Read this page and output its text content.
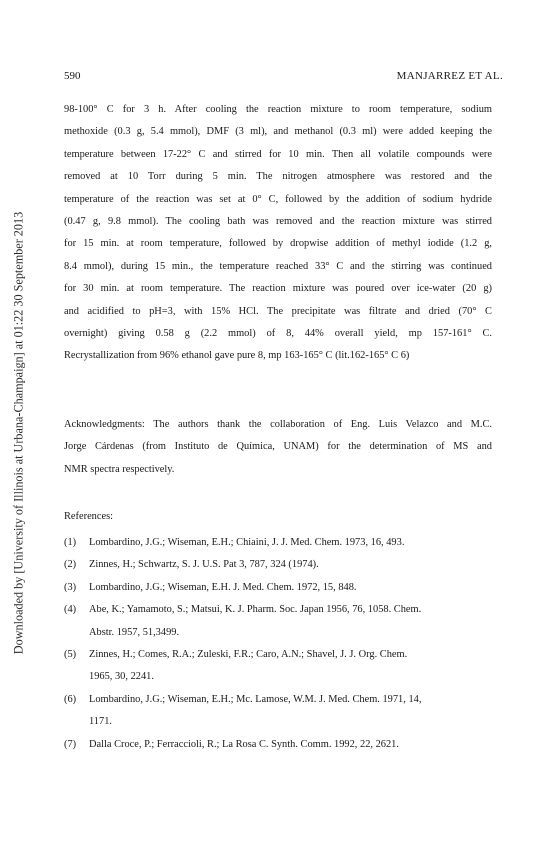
Downloaded by [University of Illinois at Urbana-Champaign] at 01:22 30 September 2013
590	MANJARREZ ET AL.
98-100° C for 3 h. After cooling the reaction mixture to room temperature, sodium
methoxide (0.3 g, 5.4 mmol), DMF (3 ml), and methanol (0.3 ml) were added keeping the
temperature between 17-22° C and stirred for 10 min. Then all volatile compounds were
removed at 10 Torr during 5 min. The nitrogen atmosphere was restored and the
temperature of the reaction was set at 0° C, followed by the addition of sodium hydride
(0.47 g, 9.8 mmol). The cooling bath was removed and the reaction mixture was stirred
for 15 min. at room temperature, followed by dropwise addition of methyl iodide (1.2 g,
8.4 mmol), during 15 min., the temperature reached 33° C and the stirring was continued
for 30 min. at room temperature. The reaction mixture was poured over ice-water (20 g)
and acidified to pH=3, with 15% HCl. The precipitate was filtrate and dried (70° C
overnight) giving 0.58 g (2.2 mmol) of 8, 44% overall yield, mp 157-161° C.
Recrystallization from 96% ethanol gave pure 8, mp 163-165° C (lit.162-165° C 6)
Acknowledgments: The authors thank the collaboration of Eng. Luis Velazco and M.C.
Jorge Cárdenas (from Instituto de Química, UNAM) for the determination of MS and
NMR spectra respectively.
References:
(1) Lombardino, J.G.; Wiseman, E.H.; Chiaini, J. J. Med. Chem. 1973, 16, 493.
(2) Zinnes, H.; Schwartz, S. J. U.S. Pat 3, 787, 324 (1974).
(3) Lombardino, J.G.; Wiseman, E.H. J. Med. Chem. 1972, 15, 848.
(4) Abe, K.; Yamamoto, S.; Matsui, K. J. Pharm. Soc. Japan 1956, 76, 1058. Chem.
Abstr. 1957, 51,3499.
(5) Zinnes, H.; Comes, R.A.; Zuleski, F.R.; Caro, A.N.; Shavel, J. J. Org. Chem.
1965, 30, 2241.
(6) Lombardino, J.G.; Wiseman, E.H.; Mc. Lamose, W.M. J. Med. Chem. 1971, 14,
1171.
(7) Dalla Croce, P.; Ferraccioli, R.; La Rosa C. Synth. Comm. 1992, 22, 2621.
